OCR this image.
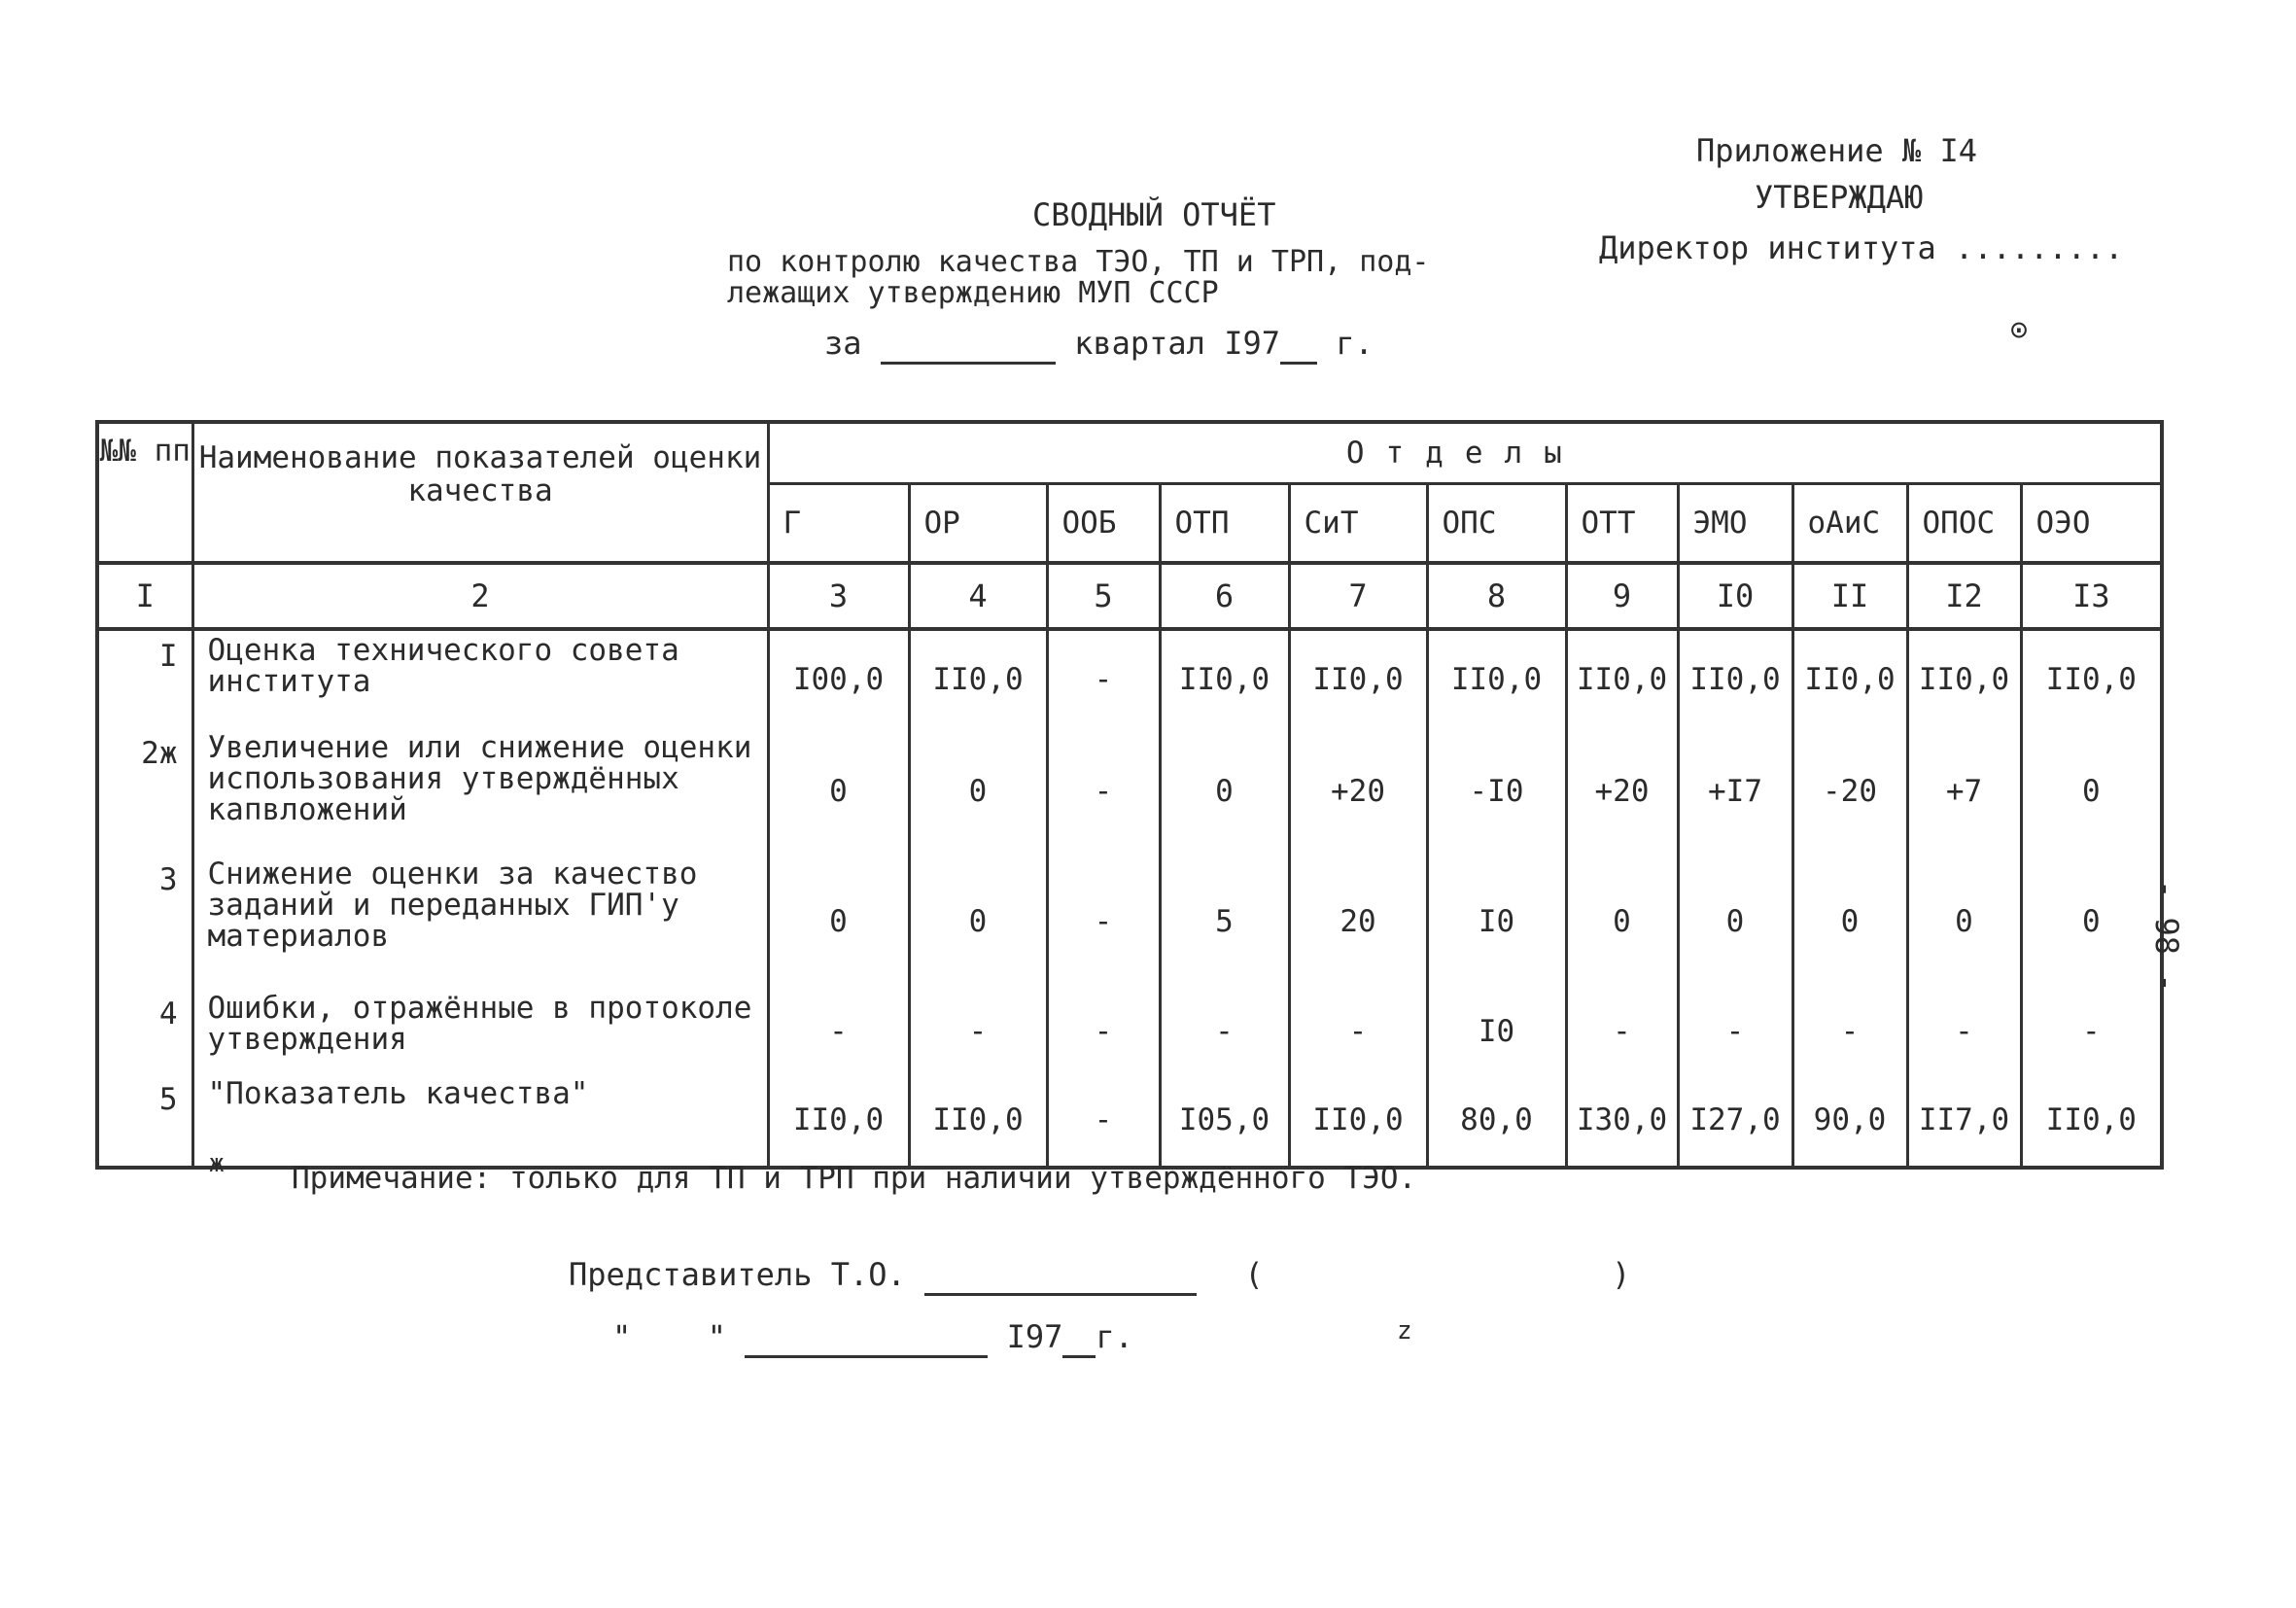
Приложение № I4
УТВЕРЖДАЮ
Директор института .........
⊙
СВОДНЫЙ ОТЧЁТ
по контролю качества ТЭО, ТП и ТРП, под-
лежащих утверждению МУП СССР
за	квартал I97 г.
№№ пп	Наименование показателей оценки качества	Отделы										
		Г	ОР	ООБ	ОТП	СиТ	ОПС	ОТТ	ЭМО	оАиС	ОПОС	ОЭО
I	2	3	4	5	6	7	8	9	I0	II	I2	I3
I	Оценка технического совета института	I00,0	II0,0	-	II0,0	II0,0	II0,0	II0,0	II0,0	II0,0	II0,0	II0,0
2ж	Увеличение или снижение оценки использования утверждённых капвложений	0	0	-	0	+20	-I0	+20	+I7	-20	+7	0
3	Снижение оценки за качество заданий и переданных ГИП'у материалов	0	0	-	5	20	I0	0	0	0	0	0
4	Ошибки, отражённые в протоколе утверждения	-	-	-	-	-	I0	-	-	-	-	-
5	"Показатель качества"	II0,0	II0,0	-	I05,0	II0,0	80,0	I30,0	I27,0	90,0	II7,0	II0,0
- 98 -
ж Примечание: только для ТП и ТРП при наличии утверждённого ТЭО.
Представитель Т.О.	(	)
" "	I97 г.	z
